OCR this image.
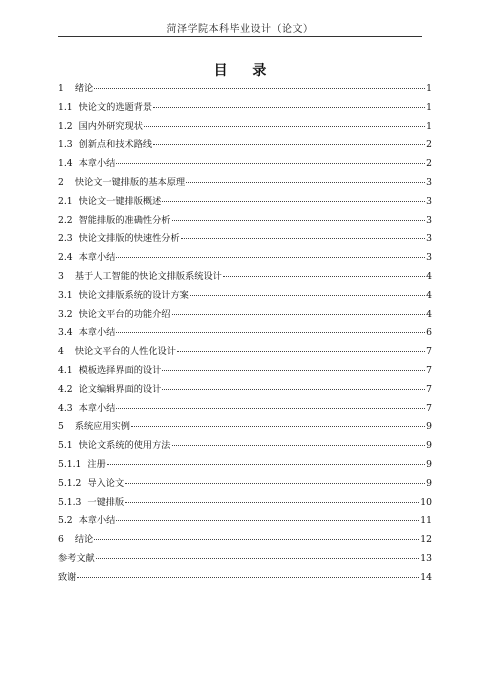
菏泽学院本科毕业设计（论文）
目 录
1 绪论	1
1.1 快论文的选题背景	1
1.2 国内外研究现状	1
1.3 创新点和技术路线	2
1.4 本章小结	2
2 快论文一键排版的基本原理	3
2.1 快论文一键排版概述	3
2.2 智能排版的准确性分析	3
2.3 快论文排版的快速性分析	3
2.4 本章小结	3
3 基于人工智能的快论文排版系统设计	4
3.1 快论文排版系统的设计方案	4
3.2 快论文平台的功能介绍	4
3.4 本章小结	6
4 快论文平台的人性化设计	7
4.1 模板选择界面的设计	7
4.2 论文编辑界面的设计	7
4.3 本章小结	7
5 系统应用实例	9
5.1 快论文系统的使用方法	9
5.1.1 注册	9
5.1.2 导入论文	9
5.1.3 一键排版	10
5.2 本章小结	11
6 结论	12
参考文献	13
致谢	14
